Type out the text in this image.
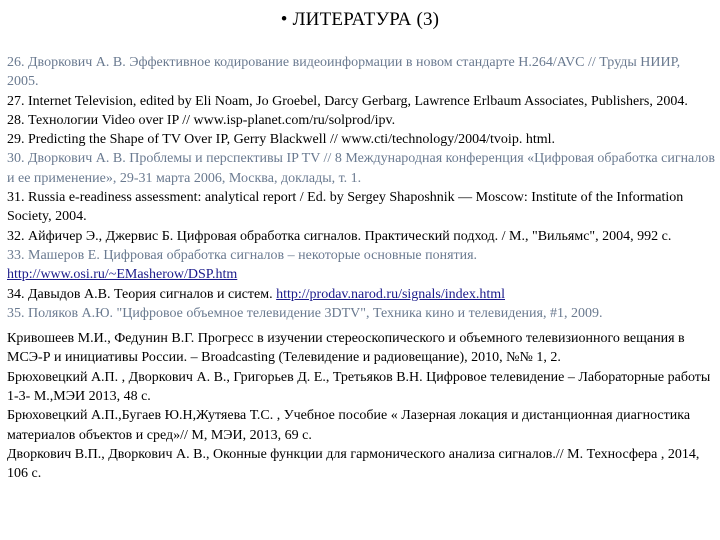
• ЛИТЕРАТУРА (3)

26. Дворкович А. В. Эффективное кодирование видеоинформации в новом стандарте H.264/AVC // Труды НИИР, 2005.

27. Internet Television, edited by Eli Noam, Jo Groebel, Darcy Gerbarg, Lawrence Erlbaum Associates, Publishers, 2004.

28. Технологии Video over IP // www.isp-planet.com/ru/solprod/ipv.

29. Predicting the Shape of TV Over IP, Gerry Blackwell // www.cti/technology/2004/tvoip. html.

30. Дворкович А. В. Проблемы и перспективы IP TV // 8 Международная конференция «Цифровая обработка сигналов и ее применение», 29-31 марта 2006, Москва, доклады, т. 1.

31. Russia e-readiness assessment: analytical report / Ed. by Sergey Shaposhnik — Moscow: Institute of the Information Society, 2004.

32. Айфичер Э., Джервис Б. Цифровая обработка сигналов. Практический подход. / М., "Вильямс", 2004, 992 с.

33. Машеров Е. Цифровая обработка сигналов – некоторые основные понятия.
http://www.osi.ru/~EMasherow/DSP.htm

34. Давыдов А.В. Теория сигналов и систем. http://prodav.narod.ru/signals/index.html

35. Поляков А.Ю. "Цифровое объемное телевидение 3DTV", Техника кино и телевидения, #1, 2009.

Кривошеев М.И., Федунин В.Г. Прогресс в изучении стереоскопического и объемного телевизионного вещания в МСЭ-Р и инициативы России. – Broadcasting (Телевидение и радиовещание), 2010, №№ 1, 2.

Брюховецкий А.П. , Дворкович А. В., Григорьев Д. Е., Третьяков В.Н. Цифровое телевидение – Лабораторные работы 1-3- М.,МЭИ 2013, 48 с.

Брюховецкий А.П.,Бугаев Ю.Н,Жутяева Т.С. , Учебное пособие « Лазерная локация и дистанционная диагностика материалов объектов и сред»// М, МЭИ, 2013, 69 с.

Дворкович В.П., Дворкович А. В., Оконные функции для гармонического анализа сигналов.// М. Техносфера , 2014, 106 с.
